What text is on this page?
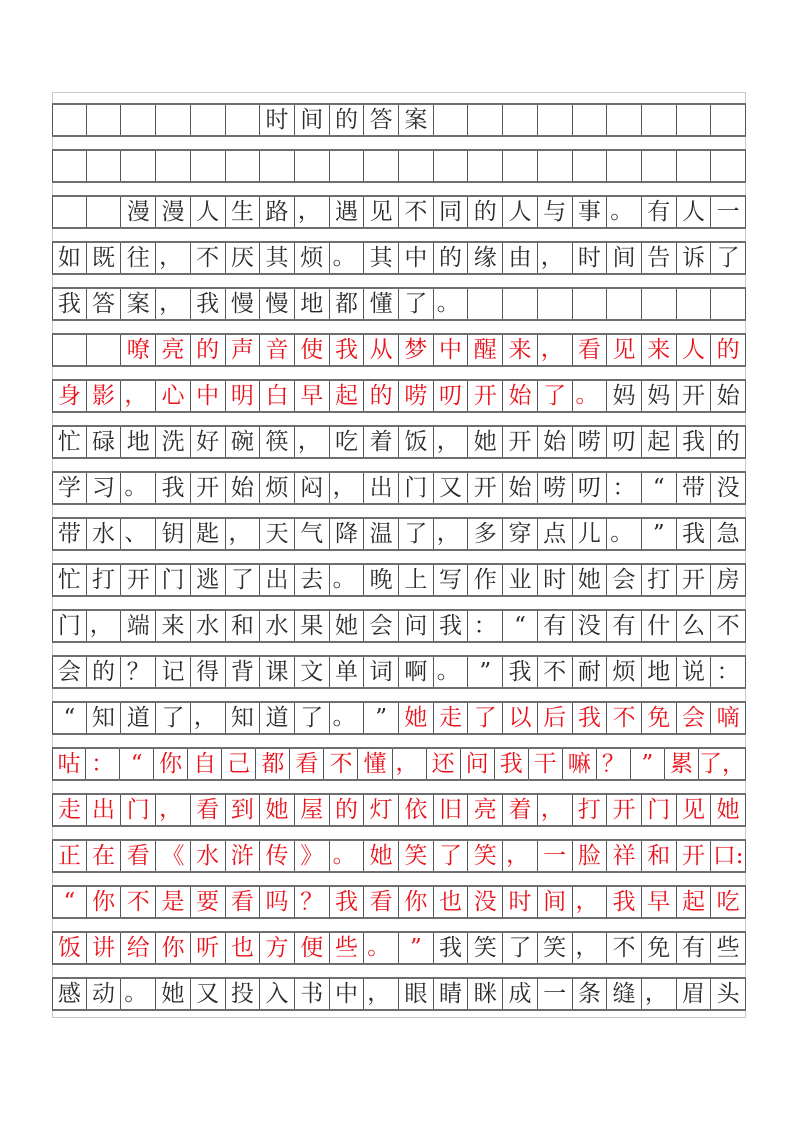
时 间 的 答 案
漫 漫 人 生 路 ， 遇 见 不 同 的 人 与 事 。 有 人 一
如 既 往 ， 不 厌 其 烦 。 其 中 的 缘 由 ， 时 间 告 诉 了
我 答 案 ， 我 慢 慢 地 都 懂 了 。
嘹 亮 的 声 音 使 我 从 梦 中 醒 来 ， 看 见 来 人 的
身 影 ， 心 中 明 白 早 起 的 唠 叨 开 始 了 。 妈 妈 开 始
忙 碌 地 洗 好 碗 筷 ， 吃 着 饭 ， 她 开 始 唠 叨 起 我 的
学 习 。 我 开 始 烦 闷 ， 出 门 又 开 始 唠 叨 ： “ 带 没
带 水 、 钥 匙 ， 天 气 降 温 了 ， 多 穿 点 儿 。 ” 我 急
忙 打 开 门 逃 了 出 去 。 晚 上 写 作 业 时 她 会 打 开 房
门 ， 端 来 水 和 水 果 她 会 问 我 ： “ 有 没 有 什 么 不
会 的 ？ 记 得 背 课 文 单 词 啊 。 ” 我 不 耐 烦 地 说 ：
“ 知 道 了 ， 知 道 了 。 ” 她 走 了 以 后 我 不 免 会 嘀
咕 ： “ 你 自 己 都 看 不 懂 ， 还 问 我 干 嘛 ？ ” 累 了，
走 出 门 ， 看 到 她 屋 的 灯 依 旧 亮 着 ， 打 开 门 见 她
正 在 看 《 水 浒 传 》 。 她 笑 了 笑 ， 一 脸 祥 和 开 口:
“ 你 不 是 要 看 吗 ？ 我 看 你 也 没 时 间 ， 我 早 起 吃
饭 讲 给 你 听 也 方 便 些 。 ” 我 笑 了 笑 ， 不 免 有 些
感 动 。 她 又 投 入 书 中 ， 眼 睛 眯 成 一 条 缝 ， 眉 头
